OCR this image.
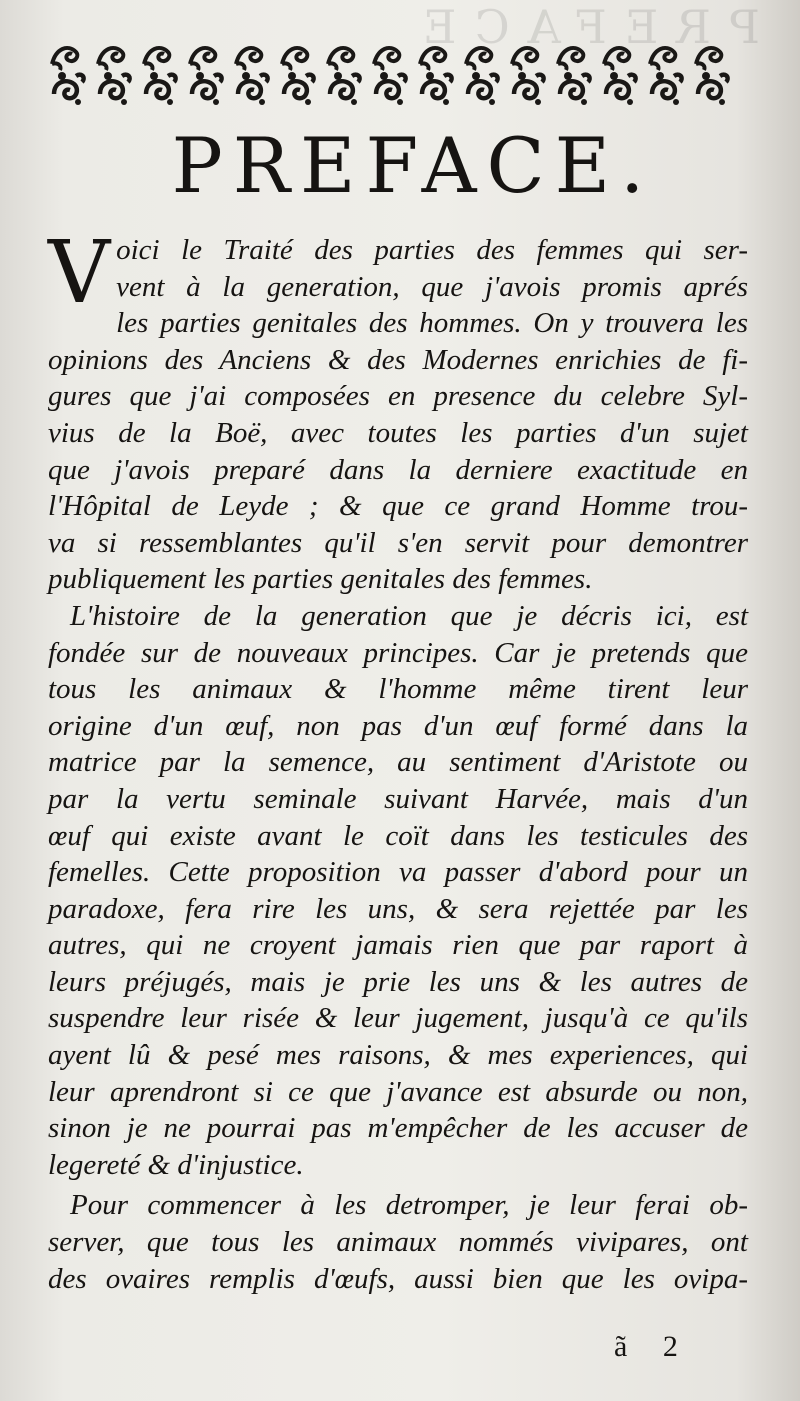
PREFACE
PREFACE.
V oici le Traité des parties des femmes qui ser-
vent à la generation, que j'avois promis aprés
les parties genitales des hommes. On y trouvera les
opinions des Anciens & des Modernes enrichies de fi-
gures que j'ai composées en presence du celebre Syl-
vius de la Boë, avec toutes les parties d'un sujet
que j'avois preparé dans la derniere exactitude en
l'Hôpital de Leyde ; & que ce grand Homme trou-
va si ressemblantes qu'il s'en servit pour demontrer
publiquement les parties genitales des femmes.
L'histoire de la generation que je décris ici, est
fondée sur de nouveaux principes. Car je pretends que
tous les animaux & l'homme même tirent leur
origine d'un œuf, non pas d'un œuf formé dans la
matrice par la semence, au sentiment d'Aristote ou
par la vertu seminale suivant Harvée, mais d'un
œuf qui existe avant le coït dans les testicules des
femelles. Cette proposition va passer d'abord pour un
paradoxe, fera rire les uns, & sera rejettée par les
autres, qui ne croyent jamais rien que par raport à
leurs préjugés, mais je prie les uns & les autres de
suspendre leur risée & leur jugement, jusqu'à ce qu'ils
ayent lû & pesé mes raisons, & mes experiences, qui
leur aprendront si ce que j'avance est absurde ou non,
sinon je ne pourrai pas m'empêcher de les accuser de
legereté & d'injustice.
Pour commencer à les detromper, je leur ferai ob-
server, que tous les animaux nommés vivipares, ont
des ovaires remplis d'œufs, aussi bien que les ovipa-
ã 2
